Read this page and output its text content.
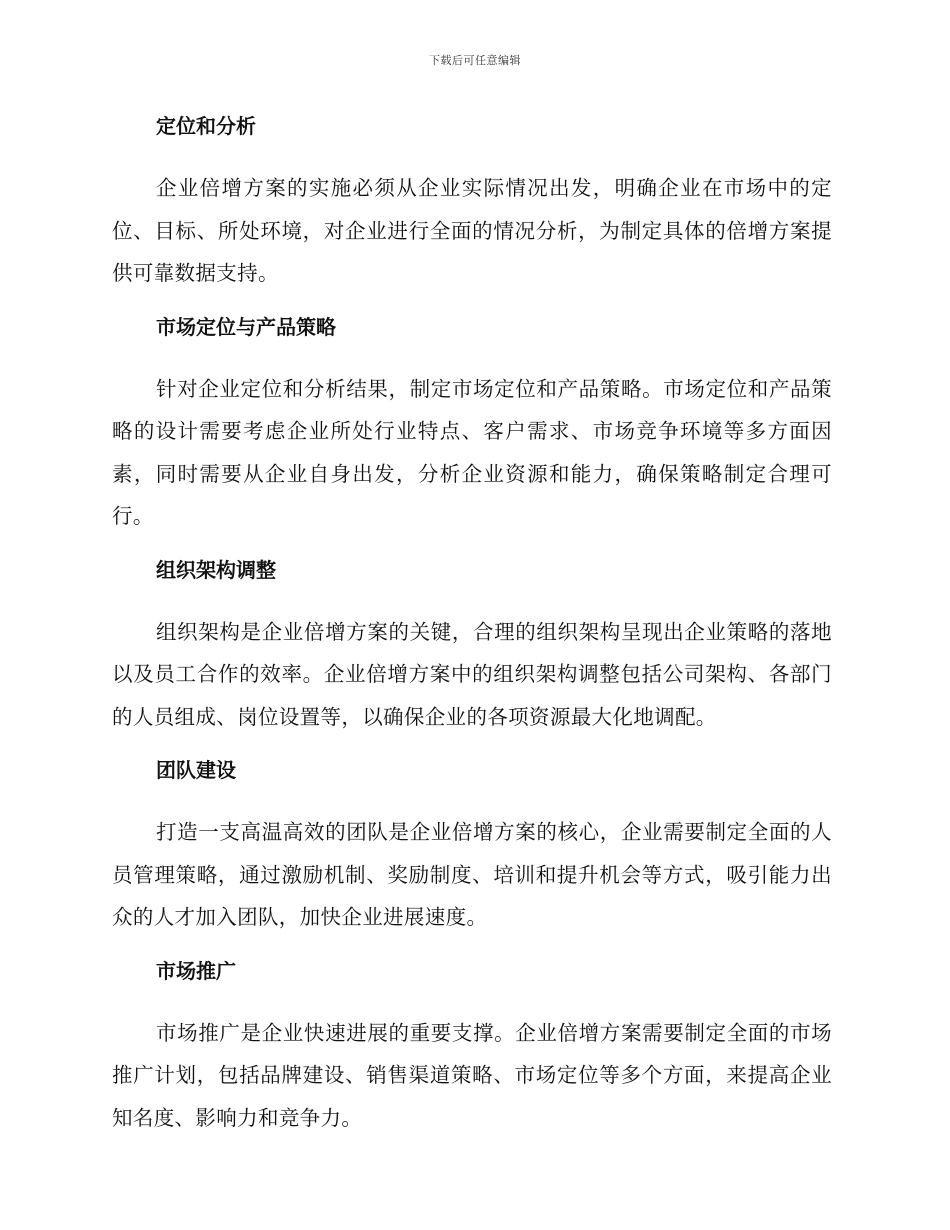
下载后可任意编辑
定位和分析

企业倍增方案的实施必须从企业实际情况出发，明确企业在市场中的定位、目标、所处环境，对企业进行全面的情况分析，为制定具体的倍增方案提供可靠数据支持。

市场定位与产品策略

针对企业定位和分析结果，制定市场定位和产品策略。市场定位和产品策略的设计需要考虑企业所处行业特点、客户需求、市场竞争环境等多方面因素，同时需要从企业自身出发，分析企业资源和能力，确保策略制定合理可行。

组织架构调整

组织架构是企业倍增方案的关键，合理的组织架构呈现出企业策略的落地以及员工合作的效率。企业倍增方案中的组织架构调整包括公司架构、各部门的人员组成、岗位设置等，以确保企业的各项资源最大化地调配。

团队建设

打造一支高温高效的团队是企业倍增方案的核心，企业需要制定全面的人员管理策略，通过激励机制、奖励制度、培训和提升机会等方式，吸引能力出众的人才加入团队，加快企业进展速度。

市场推广

市场推广是企业快速进展的重要支撑。企业倍增方案需要制定全面的市场推广计划，包括品牌建设、销售渠道策略、市场定位等多个方面，来提高企业知名度、影响力和竞争力。
